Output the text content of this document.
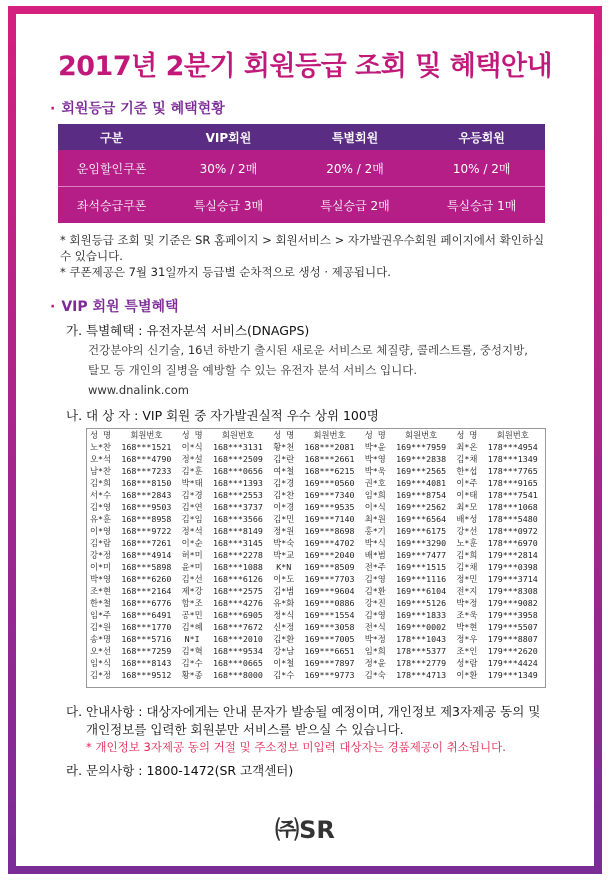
2017년 2분기 회원등급 조회 및 혜택안내
· 회원등급 기준 및 혜택현황
구분	VIP회원	특별회원	우등회원
운임할인쿠폰	30% / 2매	20% / 2매	10% / 2매
좌석승급쿠폰	특실승급 3매	특실승급 2매	특실승급 1매
* 회원등급 조회 및 기준은 SR 홈페이지 > 회원서비스 > 자가발권우수회원 페이지에서 확인하실 수 있습니다.
* 쿠폰제공은 7월 31일까지 등급별 순차적으로 생성 · 제공됩니다.
· VIP 회원 특별혜택
가. 특별혜택 : 유전자분석 서비스(DNAGPS)
건강분야의 신기술, 16년 하반기 출시된 새로운 서비스로 체질량, 콜레스트롤, 중성지방,
탈모 등 개인의 질병을 예방할 수 있는 유전자 분석 서비스 입니다.
www.dnalink.com
나. 대 상 자 : VIP 회원 중 자가발권실적 우수 상위 100명
성 명	회원번호	성 명	회원번호	성 명	회원번호	성 명	회원번호	성 명	회원번호
노*찬	168***1521	이*식	168***3131	황*천	168***2081	박*윤	169***7959	최*온	178***4954
오*석	168***4790	정*설	168***2509	김*란	168***2661	박*영	169***2838	김*채	178***1349
남*찬	168***7233	김*훈	168***0656	여*철	168***6215	박*욱	169***2565	한*섭	178***7765
김*희	168***8150	박*태	168***1393	김*경	169***0560	권*호	169***4081	이*주	178***9165
서*수	168***2843	김*경	168***2553	김*찬	169***7340	임*희	169***8754	이*태	178***7541
김*영	168***9503	김*연	168***3737	이*경	169***9535	이*식	169***2562	최*모	178***1068
유*훈	168***8958	김*임	168***3566	김*민	169***7140	최*원	169***6564	배*성	178***5480
이*영	168***9722	정*석	168***8149	정*원	169***8698	홍*기	169***6175	강*선	178***0972
김*람	168***7261	이*순	168***3145	박*숙	169***4702	박*식	169***3290	노*훈	178***6970
강*정	168***4914	허*미	168***2278	박*교	169***2040	배*범	169***7477	김*희	179***2814
이*미	168***5898	윤*미	168***1088	K*N	169***8509	전*주	169***1515	김*채	179***0398
박*영	168***6260	김*선	168***6126	이*도	169***7703	김*영	169***1116	정*민	179***3714
조*현	168***2164	제*강	168***2575	김*범	169***9604	김*환	169***6104	전*지	179***8308
한*철	168***6776	함*조	168***4276	유*화	169***0886	강*진	169***5126	박*정	179***9082
임*주	168***6491	공*민	168***6905	정*식	169***1554	김*영	169***1833	조*욱	179***3958
김*원	168***1770	김*혜	168***7672	신*정	169***3058	전*식	169***0002	박*현	179***5507
송*명	168***5716	N*I	168***2010	김*환	169***7005	박*정	178***1043	정*우	179***8807
오*선	168***7259	김*혁	168***9534	강*남	169***6651	임*희	178***5377	조*인	179***2620
임*식	168***8143	김*수	168***0665	이*철	169***7897	정*윤	178***2779	성*람	179***4424
김*정	168***9512	황*종	168***8000	김*수	169***9773	김*숙	178***4713	이*환	179***1349
다. 안내사항 : 대상자에게는 안내 문자가 발송될 예정이며, 개인정보 제3자제공 동의 및
개인정보를 입력한 회원분만 서비스를 받으실 수 있습니다.
* 개인정보 3자제공 동의 거절 및 주소정보 미입력 대상자는 경품제공이 취소됩니다.
라. 문의사항 : 1800-1472(SR 고객센터)
㈜SR
